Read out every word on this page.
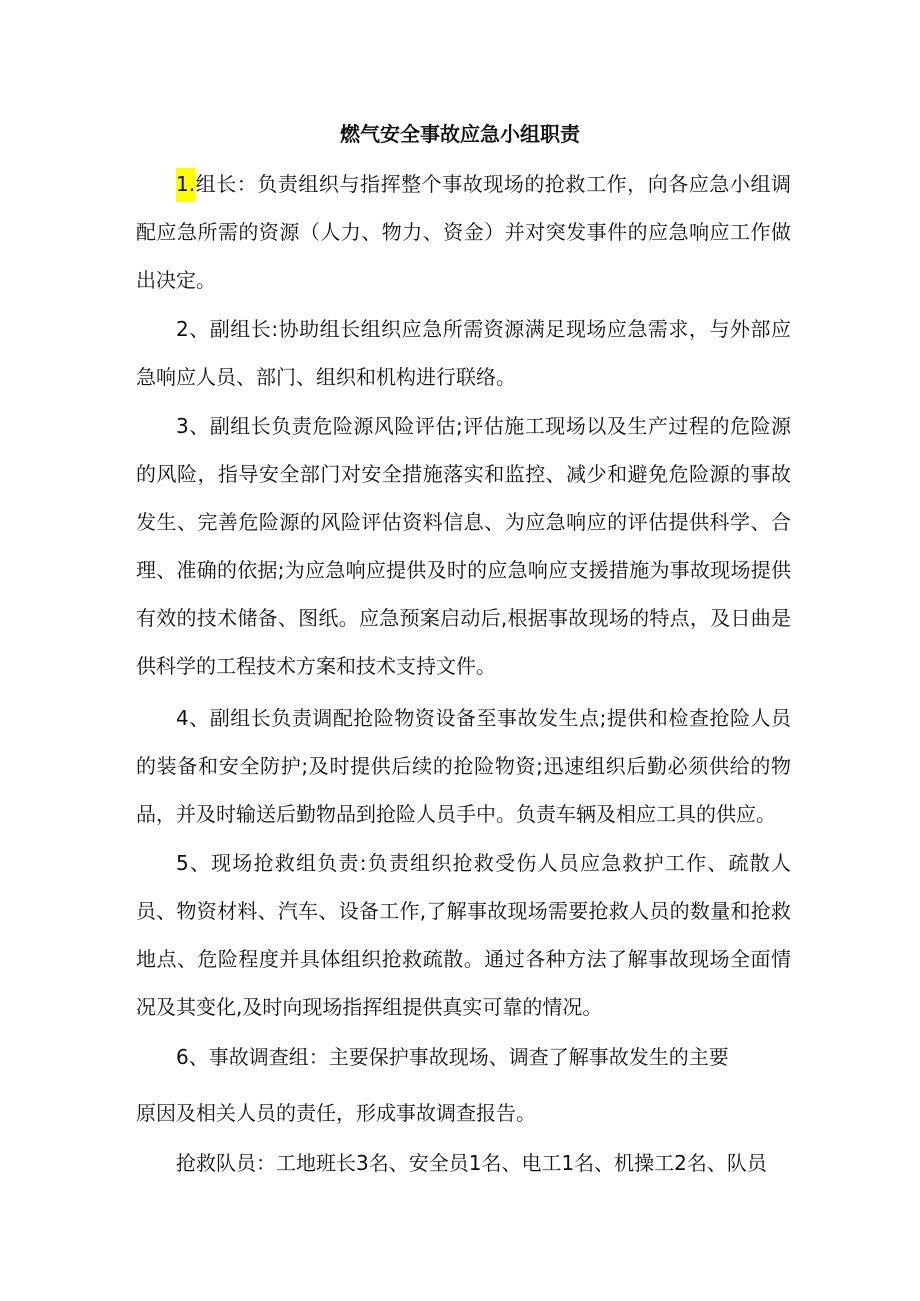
燃气安全事故应急小组职责

1.组长：负责组织与指挥整个事故现场的抢救工作，向各应急小组调配应急所需的资源（人力、物力、资金）并对突发事件的应急响应工作做出决定。

2、副组长:协助组长组织应急所需资源满足现场应急需求，与外部应急响应人员、部门、组织和机构进行联络。

3、副组长负责危险源风险评估;评估施工现场以及生产过程的危险源的风险，指导安全部门对安全措施落实和监控、减少和避免危险源的事故发生、完善危险源的风险评估资料信息、为应急响应的评估提供科学、合理、准确的依据;为应急响应提供及时的应急响应支援措施为事故现场提供有效的技术储备、图纸。应急预案启动后,根据事故现场的特点，及日曲是供科学的工程技术方案和技术支持文件。

4、副组长负责调配抢险物资设备至事故发生点;提供和检查抢险人员的装备和安全防护;及时提供后续的抢险物资;迅速组织后勤必须供给的物品，并及时输送后勤物品到抢险人员手中。负责车辆及相应工具的供应。

5、现场抢救组负责:负责组织抢救受伤人员应急救护工作、疏散人员、物资材料、汽车、设备工作,了解事故现场需要抢救人员的数量和抢救地点、危险程度并具体组织抢救疏散。通过各种方法了解事故现场全面情况及其变化,及时向现场指挥组提供真实可靠的情况。

6、事故调查组：主要保护事故现场、调查了解事故发生的主要

原因及相关人员的责任，形成事故调查报告。

抢救队员：工地班长3名、安全员1名、电工1名、机操工2名、队员
